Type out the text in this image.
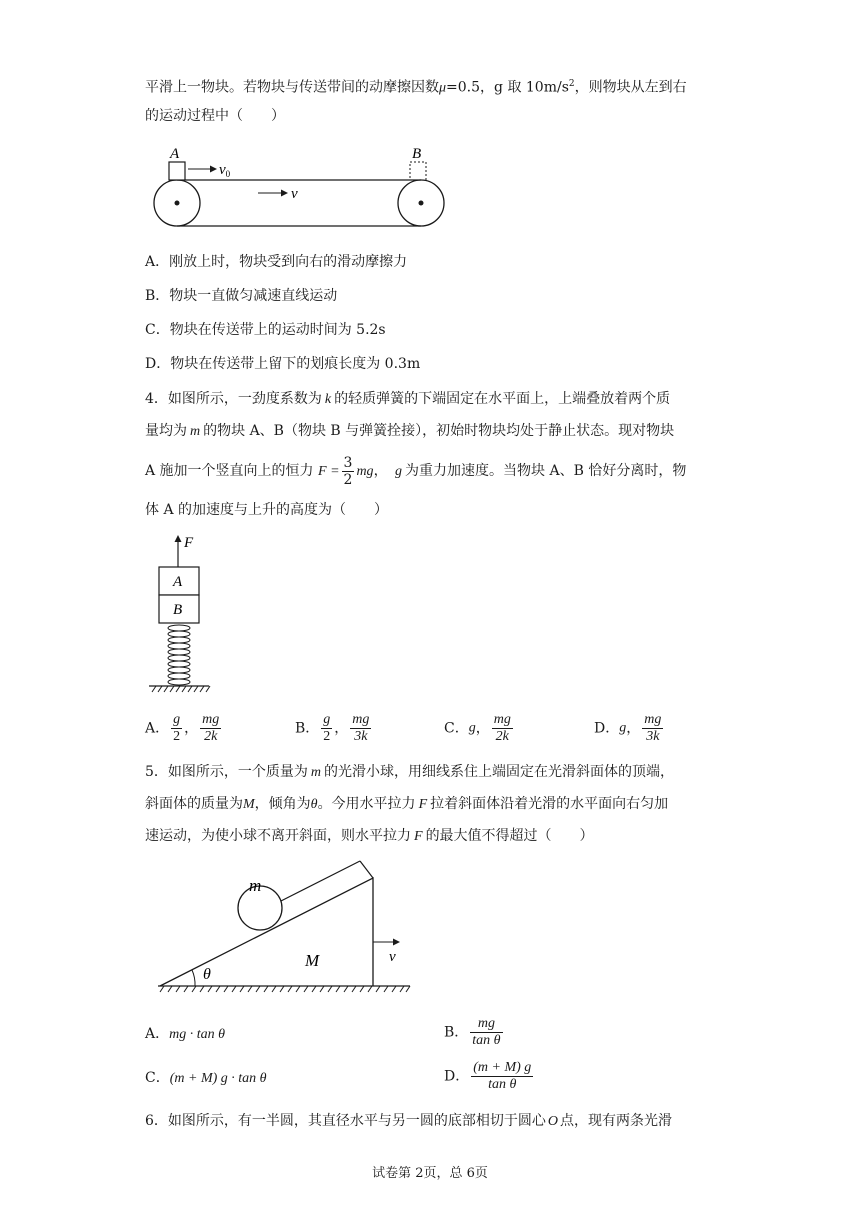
平滑上一物块。若物块与传送带间的动摩擦因数μ=0.5，g 取 $10m/s^2$，则物块从左到右
的运动过程中（　　）
A
$v_0$
B
v
A．刚放上时，物块受到向右的滑动摩擦力
B．物块一直做匀减速直线运动
C．物块在传送带上的运动时间为 5.2s
D．物块在传送带上留下的划痕长度为 0.3m
4．如图所示，一劲度系数为 k 的轻质弹簧的下端固定在水平面上，上端叠放着两个质
量均为 m 的物块 A、B（物块 B 与弹簧拴接），初始时物块均处于静止状态。现对物块
A 施加一个竖直向上的恒力 $F = \frac{3}{2}$ mg， g 为重力加速度。当物块 A、B 恰好分离时，物
体 A 的加速度与上升的高度为（　　）
F
A
B
A． $\frac{g}{2}$ ， $\frac{mg}{2k}$	B． $\frac{g}{2}$ ， $\frac{mg}{3k}$	C．g， $\frac{mg}{2k}$	D．g， $\frac{mg}{3k}$
5．如图所示，一个质量为 m 的光滑小球，用细线系住上端固定在光滑斜面体的顶端，
斜面体的质量为M，倾角为θ。今用水平拉力 F 拉着斜面体沿着光滑的水平面向右匀加
速运动，为使小球不离开斜面，则水平拉力 F 的最大值不得超过（　　）
m
M
θ
v
A．mg · tan θ	B． $\frac{mg}{\text{tan θ}}$
C．(m + M) g · tan θ	D． $\frac{(m + M) g}{\text{tan θ}}$
6．如图所示，有一半圆，其直径水平与另一圆的底部相切于圆心 O 点，现有两条光滑
试卷第 2页，总 6页
